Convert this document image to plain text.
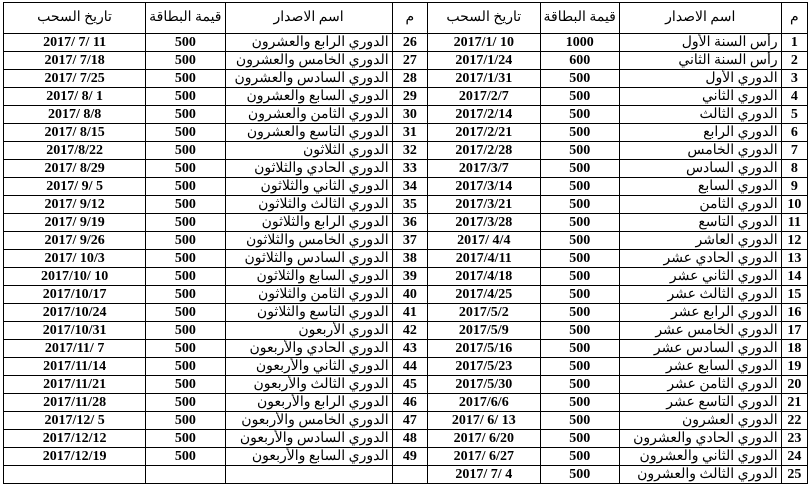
م	اسم الاصدار	قيمة البطاقة	تاريخ السحب	م	اسم الاصدار	قيمة البطاقة	تاريخ السحب
1	رأس السنة الأول	1000	2017/1/ 10	26	الدوري الرابع والعشرون	500	2017/ 7/ 11
2	رأس السنة الثاني	600	2017/1/24	27	الدوري الخامس والعشرون	500	2017/ 7/18
3	الدوري الأول	500	2017/1/31	28	الدوري السادس والعشرون	500	2017/ 7/25
4	الدوري الثاني	500	2017/2/7	29	الدوري السابع والعشرون	500	2017/ 8/ 1
5	الدوري الثالث	500	2017/2/14	30	الدوري الثامن والعشرون	500	2017/ 8/8
6	الدوري الرابع	500	2017/2/21	31	الدوري التاسع والعشرون	500	2017/ 8/15
7	الدوري الخامس	500	2017/2/28	32	الدوري الثلاثون	500	2017/8/22
8	الدوري السادس	500	2017/3/7	33	الدوري الحادي والثلاثون	500	2017/ 8/29
9	الدوري السابع	500	2017/3/14	34	الدوري الثاني والثلاثون	500	2017/ 9/ 5
10	الدوري الثامن	500	2017/3/21	35	الدوري الثالث والثلاثون	500	2017/ 9/12
11	الدوري التاسع	500	2017/3/28	36	الدوري الرابع والثلاثون	500	2017/ 9/19
12	الدوري العاشر	500	2017/ 4/4	37	الدوري الخامس والثلاثون	500	2017/ 9/26
13	الدوري الحادي عشر	500	2017/4/11	38	الدوري السادس والثلاثون	500	2017/ 10/3
14	الدوري الثاني عشر	500	2017/4/18	39	الدوري السابع والثلاثون	500	2017/10/ 10
15	الدوري الثالث عشر	500	2017/4/25	40	الدوري الثامن والثلاثون	500	2017/10/17
16	الدوري الرابع عشر	500	2017/5/2	41	الدوري التاسع والثلاثون	500	2017/10/24
17	الدوري الخامس عشر	500	2017/5/9	42	الدوري الأربعون	500	2017/10/31
18	الدوري السادس عشر	500	2017/5/16	43	الدوري الحادي والأربعون	500	2017/11/ 7
19	الدوري السابع عشر	500	2017/5/23	44	الدوري الثاني والأربعون	500	2017/11/14
20	الدوري الثامن عشر	500	2017/5/30	45	الدوري الثالث والأربعون	500	2017/11/21
21	الدوري التاسع عشر	500	2017/6/6	46	الدوري الرابع والأربعون	500	2017/11/28
22	الدوري العشرون	500	2017/ 6/ 13	47	الدوري الخامس والأربعون	500	2017/12/ 5
23	الدوري الحادي والعشرون	500	2017/ 6/20	48	الدوري السادس والأربعون	500	2017/12/12
24	الدوري الثاني والعشرون	500	2017/ 6/27	49	الدوري السابع والأربعون	500	2017/12/19
25	الدوري الثالث والعشرون	500	2017/ 7/ 4				
